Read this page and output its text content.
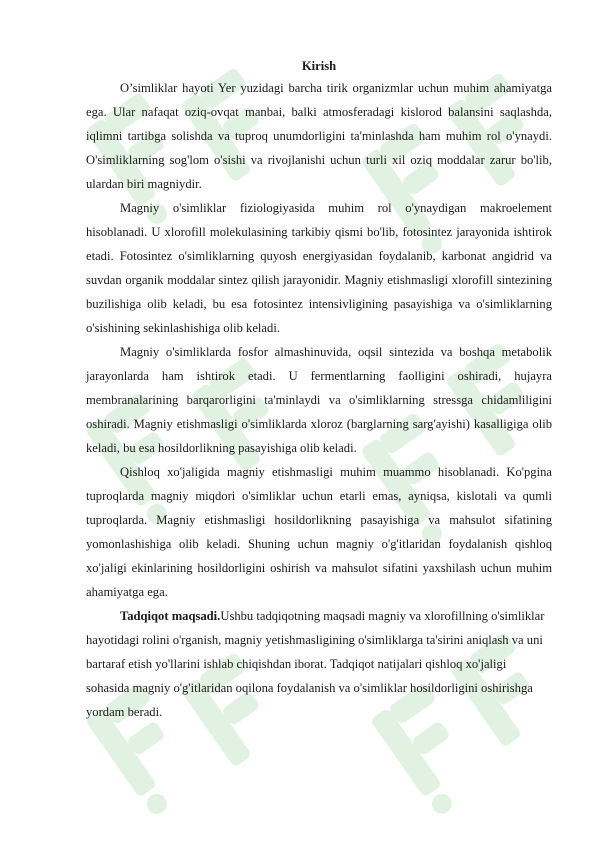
Kirish

O’simliklar hayoti Yer yuzidagi barcha tirik organizmlar uchun muhim ahamiyatga ega. Ular nafaqat oziq-ovqat manbai, balki atmosferadagi kislorod balansini saqlashda, iqlimni tartibga solishda va tuproq unumdorligini ta'minlashda ham muhim rol o'ynaydi. O'simliklarning sog'lom o'sishi va rivojlanishi uchun turli xil oziq moddalar zarur bo'lib, ulardan biri magniydir.

Magniy o'simliklar fiziologiyasida muhim rol o'ynaydigan makroelement hisoblanadi. U xlorofill molekulasining tarkibiy qismi bo'lib, fotosintez jarayonida ishtirok etadi. Fotosintez o'simliklarning quyosh energiyasidan foydalanib, karbonat angidrid va suvdan organik moddalar sintez qilish jarayonidir. Magniy etishmasligi xlorofill sintezining buzilishiga olib keladi, bu esa fotosintez intensivligining pasayishiga va o'simliklarning o'sishining sekinlashishiga olib keladi.

Magniy o'simliklarda fosfor almashinuvida, oqsil sintezida va boshqa metabolik jarayonlarda ham ishtirok etadi. U fermentlarning faolligini oshiradi, hujayra membranalarining barqarorligini ta'minlaydi va o'simliklarning stressga chidamliligini oshiradi. Magniy etishmasligi o'simliklarda xloroz (barglarning sarg'ayishi) kasalligiga olib keladi, bu esa hosildorlikning pasayishiga olib keladi.

Qishloq xo'jaligida magniy etishmasligi muhim muammo hisoblanadi. Ko'pgina tuproqlarda magniy miqdori o'simliklar uchun etarli emas, ayniqsa, kislotali va qumli tuproqlarda. Magniy etishmasligi hosildorlikning pasayishiga va mahsulot sifatining yomonlashishiga olib keladi. Shuning uchun magniy o'g'itlaridan foydalanish qishloq xo'jaligi ekinlarining hosildorligini oshirish va mahsulot sifatini yaxshilash uchun muhim ahamiyatga ega.

Tadqiqot maqsadi.Ushbu tadqiqotning maqsadi magniy va xlorofillning o'simliklar hayotidagi rolini o'rganish, magniy yetishmasligining o'simliklarga ta'sirini aniqlash va uni bartaraf etish yo'llarini ishlab chiqishdan iborat. Tadqiqot natijalari qishloq xo'jaligi sohasida magniy o'g'itlaridan oqilona foydalanish va o'simliklar hosildorligini oshirishga yordam beradi.
